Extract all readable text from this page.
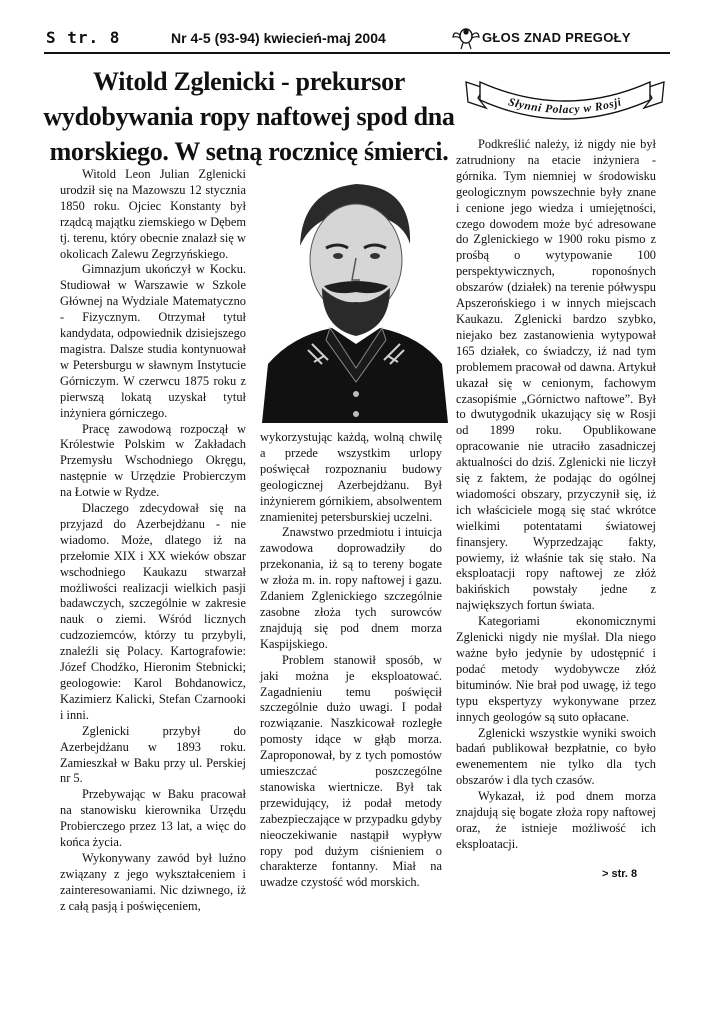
S tr. 8	Nr 4-5 (93-94) kwiecień-maj 2004	GŁOS ZNAD PREGOŁY
Witold Zglenicki - prekursor wydobywania ropy naftowej spod dna morskiego. W setną rocznicę śmierci.
Słynni Polacy w Rosji

Witold Leon Julian Zglenicki urodził się na Mazowszu 12 stycznia 1850 roku. Ojciec Konstanty był rządcą majątku ziemskiego w Dębem tj. terenu, który obecnie znalazł się w okolicach Zalewu Zegrzyńskiego.

Gimnazjum ukończył w Kocku. Studiował w Warszawie w Szkole Głównej na Wydziale Matematyczno - Fizycznym. Otrzymał tytuł kandydata, odpowiednik dzisiejszego magistra. Dalsze studia kontynuował w Petersburgu w sławnym Instytucie Górniczym. W czerwcu 1875 roku z pierwszą lokatą uzyskał tytuł inżyniera górniczego.

Pracę zawodową rozpoczął w Królestwie Polskim w Zakładach Przemysłu Wschodniego Okręgu, następnie w Urzędzie Probierczym na Łotwie w Rydze.

Dlaczego zdecydował się na przyjazd do Azerbejdżanu - nie wiadomo. Może, dlatego iż na przełomie XIX i XX wieków obszar wschodniego Kaukazu stwarzał możliwości realizacji wielkich pasji badawczych, szczególnie w zakresie nauk o ziemi. Wśród licznych cudzoziemców, którzy tu przybyli, znaleźli się Polacy. Kartografowie: Józef Chodźko, Hieronim Stebnicki; geologowie: Karol Bohdanowicz, Kazimierz Kalicki, Stefan Czarnooki i inni.

Zglenicki przybył do Azerbejdżanu w 1893 roku. Zamieszkał w Baku przy ul. Perskiej nr 5.

Przebywając w Baku pracował na stanowisku kierownika Urzędu Probierczego przez 13 lat, a więc do końca życia.

Wykonywany zawód był luźno związany z jego wykształceniem i zainteresowaniami. Nic dziwnego, iż z całą pasją i poświęceniem,

wykorzystując każdą, wolną chwilę a przede wszystkim urlopy poświęcał rozpoznaniu budowy geologicznej Azerbejdżanu. Był inżynierem górnikiem, absolwentem znamienitej petersburskiej uczelni.

Znawstwo przedmiotu i intuicja zawodowa doprowadziły do przekonania, iż są to tereny bogate w złoża m. in. ropy naftowej i gazu. Zdaniem Zglenickiego szczególnie zasobne złoża tych surowców znajdują się pod dnem morza Kaspijskiego.

Problem stanowił sposób, w jaki można je eksploatować. Zagadnieniu temu poświęcił szczególnie dużo uwagi. I podał rozwiązanie. Naszkicował rozległe pomosty idące w głąb morza. Zaproponował, by z tych pomostów umieszczać poszczególne stanowiska wiertnicze. Był tak przewidujący, iż podał metody zabezpieczające w przypadku gdyby nieoczekiwanie nastąpił wypływ ropy pod dużym ciśnieniem o charakterze fontanny. Miał na uwadze czystość wód morskich.

Podkreślić należy, iż nigdy nie był zatrudniony na etacie inżyniera - górnika. Tym niemniej w środowisku geologicznym powszechnie były znane i cenione jego wiedza i umiejętności, czego dowodem może być adresowane do Zglenickiego w 1900 roku pismo z prośbą o wytypowanie 100 perspektywicznych, roponośnych obszarów (działek) na terenie półwyspu Apszerońskiego i w innych miejscach Kaukazu. Zglenicki bardzo szybko, niejako bez zastanowienia wytypował 165 działek, co świadczy, iż nad tym problemem pracował od dawna. Artykuł ukazał się w cenionym, fachowym czasopiśmie „Górnictwo naftowe”. Był to dwutygodnik ukazujący się w Rosji od 1899 roku. Opublikowane opracowanie nie utraciło zasadniczej aktualności do dziś. Zglenicki nie liczył się z faktem, że podając do ogólnej wiadomości obszary, przyczynił się, iż ich właściciele mogą się stać wkrótce wielkimi potentatami światowej finansjery. Wyprzedzając fakty, powiemy, iż właśnie tak się stało. Na eksploatacji ropy naftowej ze złóż bakińskich powstały jedne z największych fortun świata.

Kategoriami ekonomicznymi Zglenicki nigdy nie myślał. Dla niego ważne było jedynie by udostępnić i podać metody wydobywcze złóż bituminów. Nie brał pod uwagę, iż tego typu ekspertyzy wykonywane przez innych geologów są suto opłacane.

Zglenicki wszystkie wyniki swoich badań publikował bezpłatnie, co było ewenementem nie tylko dla tych obszarów i dla tych czasów.

Wykazał, iż pod dnem morza znajdują się bogate złoża ropy naftowej oraz, że istnieje możliwość ich eksploatacji.

> str. 8
